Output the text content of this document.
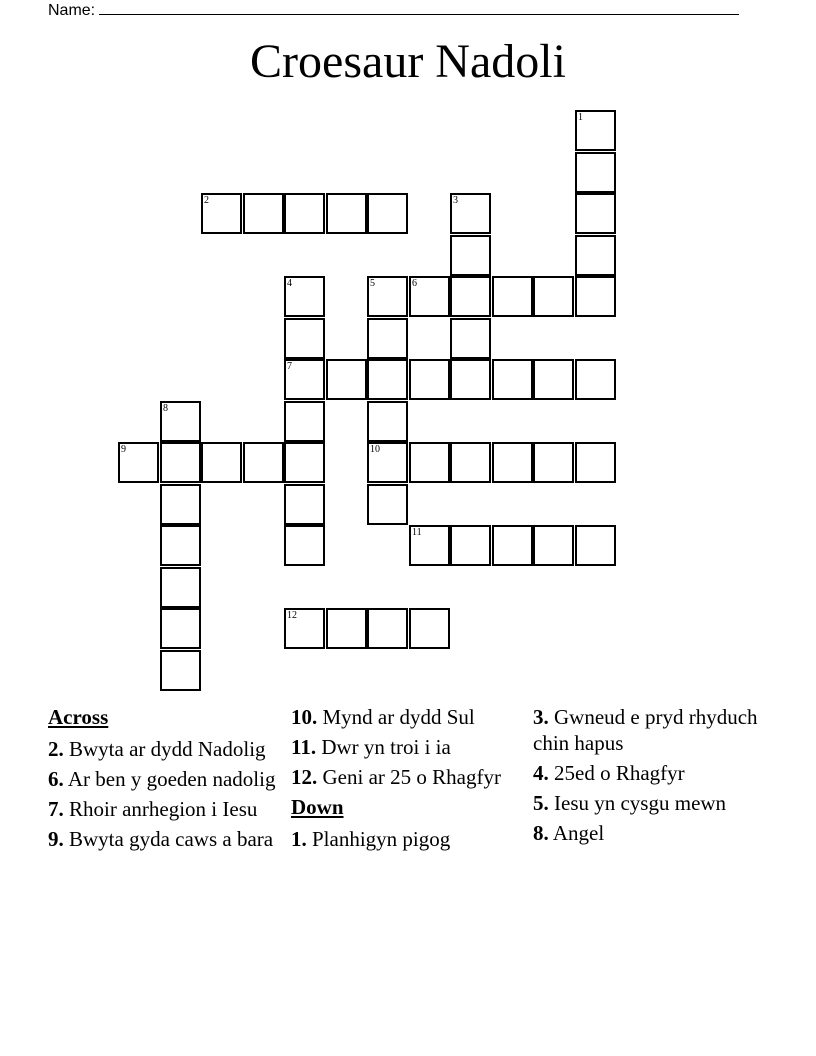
Name:
Croesaur Nadoli
1
2	3
4
7
5
10
6
8
9
11
12
Across
2. Bwyta ar dydd Nadolig
6. Ar ben y goeden nadolig
7. Rhoir anrhegion i Iesu
9. Bwyta gyda caws a bara
10. Mynd ar dydd Sul
11. Dwr yn troi i ia
12. Geni ar 25 o Rhagfyr
Down
1. Planhigyn pigog
3. Gwneud e pryd rhyduch chin hapus
4. 25ed o Rhagfyr
5. Iesu yn cysgu mewn
8. Angel
